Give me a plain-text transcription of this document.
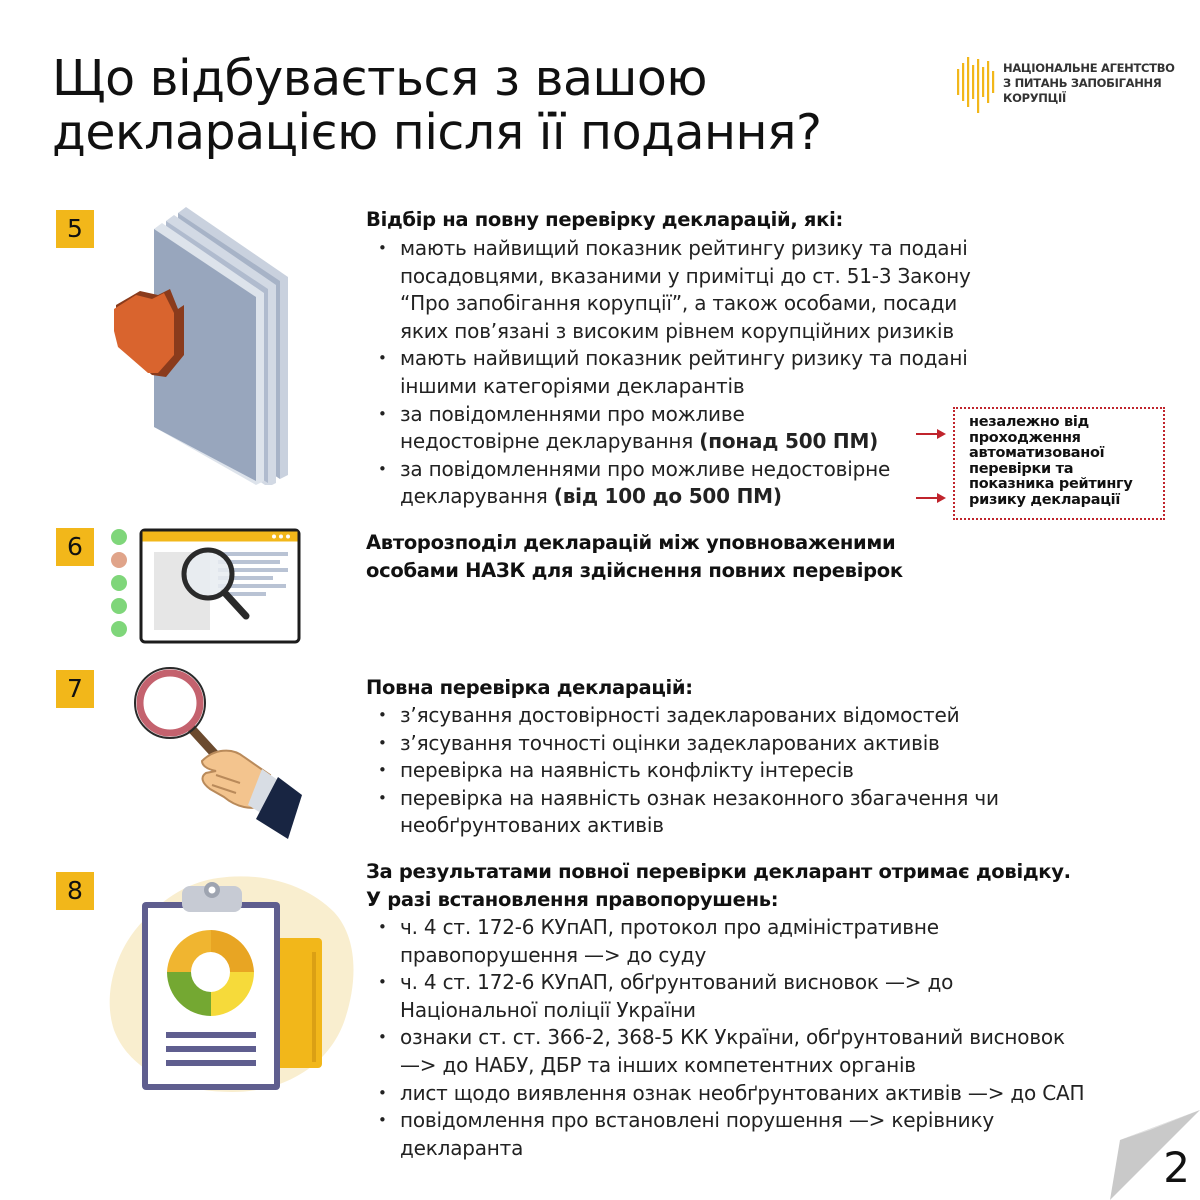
Що відбувається з вашою
декларацією після її подання?
НАЦІОНАЛЬНЕ АГЕНТСТВО
З ПИТАНЬ ЗАПОБІГАННЯ
КОРУПЦІЇ
5	Відбір на повну перевірку декларацій, які:
• мають найвищий показник рейтингу ризику та подані
посадовцями, вказаними у примітці до ст. 51-3 Закону
“Про запобігання корупції”, а також особами, посади
яких пов’язані з високим рівнем корупційних ризиків
• мають найвищий показник рейтингу ризику та подані
іншими категоріями декларантів
• за повідомленнями про можливе
недостовірне декларування (понад 500 ПМ)
• за повідомленнями про можливе недостовірне
декларування (від 100 до 500 ПМ)
незалежно від
проходження
автоматизованої
перевірки та
показника рейтингу
ризику декларації
6	Авторозподіл декларацій між уповноваженими
особами НАЗК для здійснення повних перевірок
7	Повна перевірка декларацій:
• з’ясування достовірності задекларованих відомостей
• з’ясування точності оцінки задекларованих активів
• перевірка на наявність конфлікту інтересів
• перевірка на наявність ознак незаконного збагачення чи
необґрунтованих активів
8
За результатами повної перевірки декларант отримає довідку.
У разі встановлення правопорушень:
• ч. 4 ст. 172-6 КУпАП, протокол про адміністративне
правопорушення —> до суду
• ч. 4 ст. 172-6 КУпАП, обґрунтований висновок —> до
Національної поліції України
• ознаки ст. ст. 366-2, 368-5 КК України, обґрунтований висновок
—> до НАБУ, ДБР та інших компетентних органів
• лист щодо виявлення ознак необґрунтованих активів —> до САП
• повідомлення про встановлені порушення —> керівнику
декларанта	2
